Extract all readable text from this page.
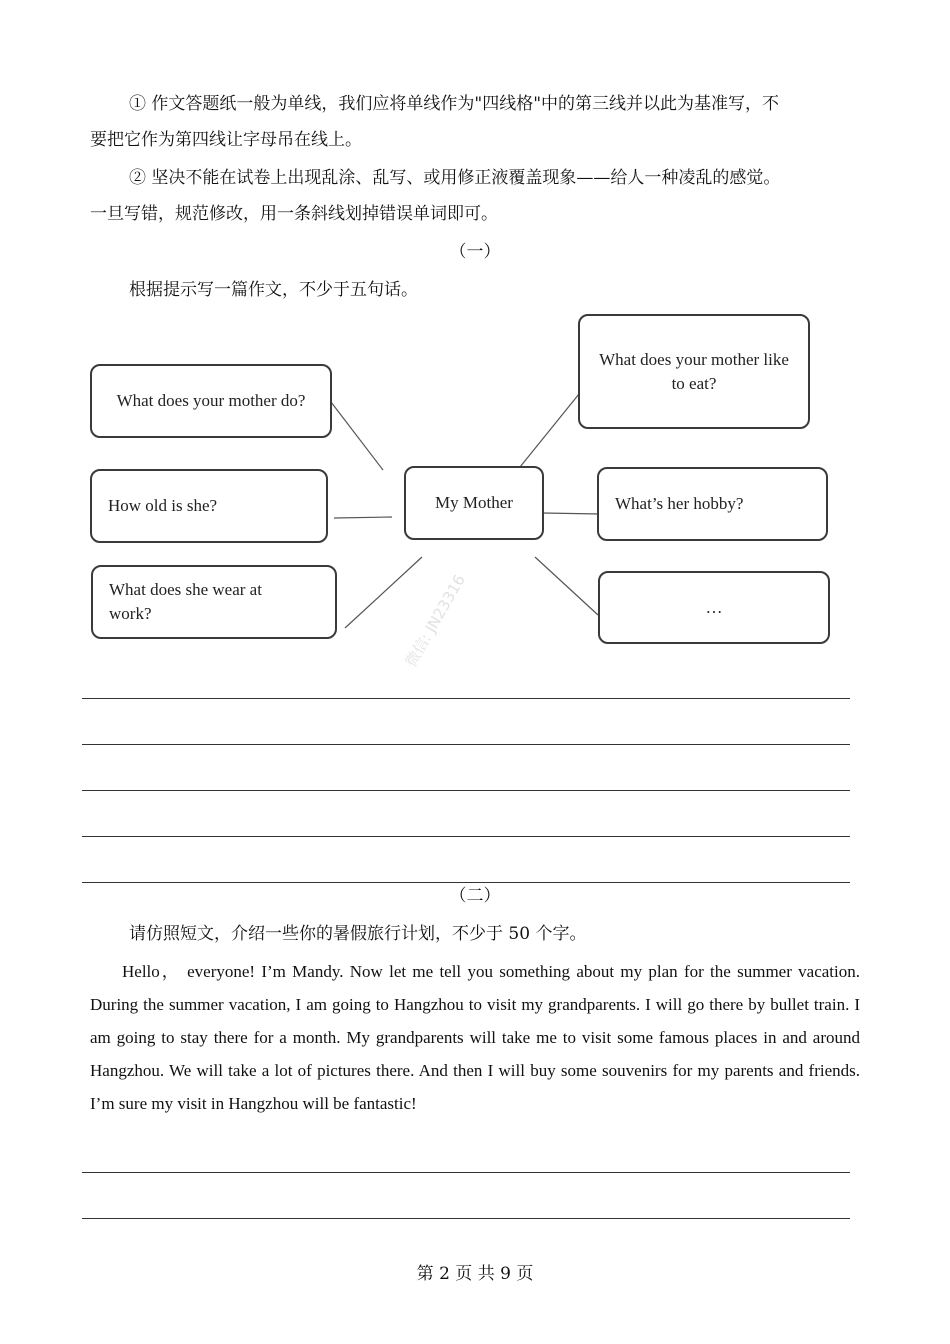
① 作文答题纸一般为单线，我们应将单线作为"四线格"中的第三线并以此为基准写，不
要把它作为第四线让字母吊在线上。
② 坚决不能在试卷上出现乱涂、乱写、或用修正液覆盖现象——给人一种凌乱的感觉。
一旦写错，规范修改，用一条斜线划掉错误单词即可。
（一）
根据提示写一篇作文，不少于五句话。
What does your mother do?
How old is she?
What does she wear at work?
My Mother
What does your mother like to eat?
What’s her hobby?
…
微信: JN23316
（二）
请仿照短文，介绍一些你的暑假旅行计划，不少于 50 个字。
Hello， everyone! I’m Mandy. Now let me tell you something about my plan for the summer vacation. During the summer vacation, I am going to Hangzhou to visit my grandparents. I will go there by bullet train. I am going to stay there for a month. My grandparents will take me to visit some famous places in and around Hangzhou. We will take a lot of pictures there. And then I will buy some souvenirs for my parents and friends. I’m sure my visit in Hangzhou will be fantastic!
第 2 页 共 9 页
